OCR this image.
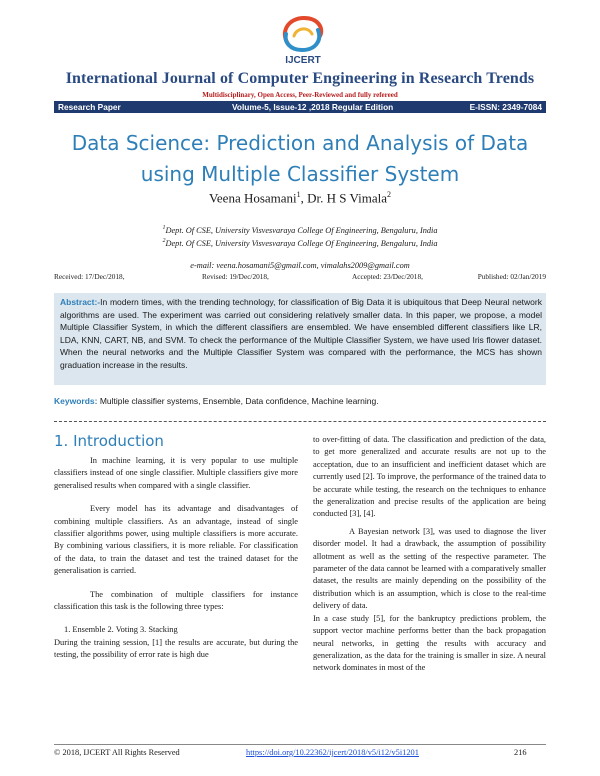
IJCERT
International Journal of Computer Engineering in Research Trends
Multidisciplinary, Open Access, Peer-Reviewed and fully refereed
Research Paper	Volume-5, Issue-12 ,2018 Regular Edition	E-ISSN: 2349-7084
Data Science: Prediction and Analysis of Data
using Multiple Classifier System
Veena Hosamani$^1$, Dr. H S Vimala$^2$
$^1$Dept. Of CSE, University Visvesvaraya College Of Engineering, Bengaluru, India
$^2$Dept. Of CSE, University Visvesvaraya College Of Engineering, Bengaluru, India
e-mail: veena.hosamani5@gmail.com, vimalahs2009@gmail.com
Received: 17/Dec/2018,	Revised: 19/Dec/2018,	Accepted: 23/Dec/2018,	Published: 02/Jan/2019
Abstract:-In modern times, with the trending technology, for classification of Big Data it is ubiquitous that Deep Neural network algorithms are used. The experiment was carried out considering relatively smaller data. In this paper, we propose, a model Multiple Classifier System, in which the different classifiers are ensembled. We have ensembled different classifiers like LR, LDA, KNN, CART, NB, and SVM. To check the performance of the Multiple Classifier System, we have used Iris flower dataset. When the neural networks and the Multiple Classifier System was compared with the performance, the MCS has shown graduation increase in the results.
Keywords: Multiple classifier systems, Ensemble, Data confidence, Machine learning.
1. Introduction

In machine learning, it is very popular to use multiple classifiers instead of one single classifier. Multiple classifiers give more generalised results when compared with a single classifier.

Every model has its advantage and disadvantages of combining multiple classifiers. As an advantage, instead of single classifier algorithms power, using multiple classifiers is more accurate. By combining various classifiers, it is more reliable. For classification of the data, to train the dataset and test the trained dataset for the generalisation is carried.

The combination of multiple classifiers for instance classification this task is the following three types:

1. Ensemble 2. Voting 3. Stacking

During the training session, [1] the results are accurate, but during the testing, the possibility of error rate is high due

to over-fitting of data. The classification and prediction of the data, to get more generalized and accurate results are not up to the acceptation, due to an insufficient and inefficient dataset which are currently used [2]. To improve, the performance of the trained data to be accurate while testing, the research on the techniques to enhance the generalization and precise results of the application are being conducted [3], [4].

A Bayesian network [3], was used to diagnose the liver disorder model. It had a drawback, the assumption of possibility allotment as well as the setting of the respective parameter. The parameter of the data cannot be learned with a comparatively smaller dataset, the results are mainly depending on the possibility of the distribution which is an assumption, which is close to the real-time delivery of data.

In a case study [5], for the bankruptcy predictions problem, the support vector machine performs better than the back propagation neural networks, in getting the results with accuracy and generalization, as the data for the training is smaller in size. A neural network dominates in most of the

© 2018, IJCERT All Rights Reserved	https://doi.org/10.22362/ijcert/2018/v5/i12/v5i1201	216
